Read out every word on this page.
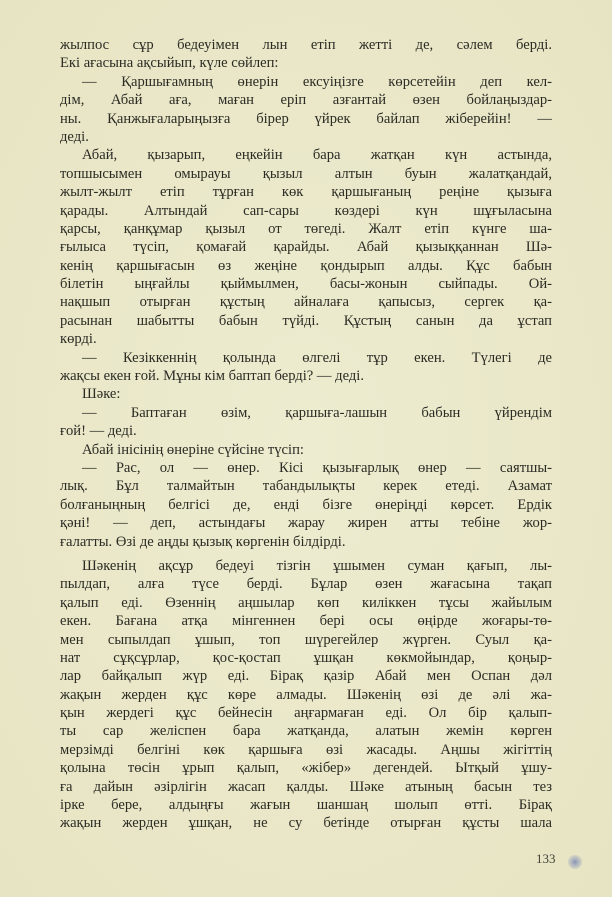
жылпос сұр бедеуімен лын етіп жетті де, сәлем берді.
Екі ағасына ақсыйып, күле сөйлеп:
— Қаршығамның өнерін ексуіңізге көрсетейін деп кел-
дім, Абай аға, маған еріп азғантай өзен бойлаңыздар-
ны. Қанжығаларыңызға бірер үйрек байлап жіберейін! —
деді.
Абай, қызарып, еңкейін бара жатқан күн астында,
топшысымен омырауы қызыл алтын буын жалатқандай,
жылт-жылт етіп тұрған көк қаршығаның реңіне қызыға
қарады. Алтындай сап-сары көздері күн шұғыласына
қарсы, қанқұмар қызыл от төгеді. Жалт етіп күнге ша-
ғылыса түсіп, қомағай қарайды. Абай қызыққаннан Шә-
кенің қаршығасын өз жеңіне қондырып алды. Құс бабын
білетін ыңғайлы қыймылмен, басы-жонын сыйпады. Ой-
нақшып отырған құстың айналаға қапысыз, сергек қа-
расынан шабытты бабын түйді. Құстың санын да ұстап
көрді.
— Кезіккеннің қолында өлгелі тұр екен. Түлегі де
жақсы екен ғой. Мұны кім баптап берді? — деді.
Шәке:
— Баптаған өзім, қаршыға-лашын бабын үйрендім
ғой! — деді.
Абай інісінің өнеріне сүйсіне түсіп:
— Рас, ол — өнер. Кісі қызығарлық өнер — саятшы-
лық. Бұл талмайтын табандылықты керек етеді. Азамат
болғаныңның белгісі де, енді бізге өнеріңді көрсет. Ердік
қәні! — деп, астындағы жарау жирен атты тебіне жор-
ғалатты. Өзі де аңды қызық көргенін білдірді.
Шәкенің ақсұр бедеуі тізгін ұшымен суман қағып, лы-
пылдап, алға түсе берді. Бұлар өзен жағасына тақап
қалып еді. Өзеннің аңшылар көп киліккен тұсы жайылым
екен. Бағана атқа мінгеннен бері осы өңірде жоғары-тө-
мен сыпылдап ұшып, топ шүрегейлер жүрген. Суыл қа-
нат сұқсұрлар, қос-қостап ұшқан көкмойындар, қоңыр-
лар байқалып жүр еді. Бірақ қазір Абай мен Оспан дәл
жақын жерден құс көре алмады. Шәкенің өзі де әлі жа-
қын жердегі құс бейнесін аңғармаған еді. Ол бір қалып-
ты сар желіспен бара жатқанда, алатын жемін көрген
мерзімді белгіні көк қаршыға өзі жасады. Аңшы жігіттің
қолына төсін ұрып қалып, «жібер» дегендей. Ытқый ұшу-
ға дайын әзірлігін жасап қалды. Шәке атының басын тез
ірке бере, алдыңғы жағын шаншаң шолып өтті. Бірақ
жақын жерден ұшқан, не су бетінде отырған құсты шала
133
